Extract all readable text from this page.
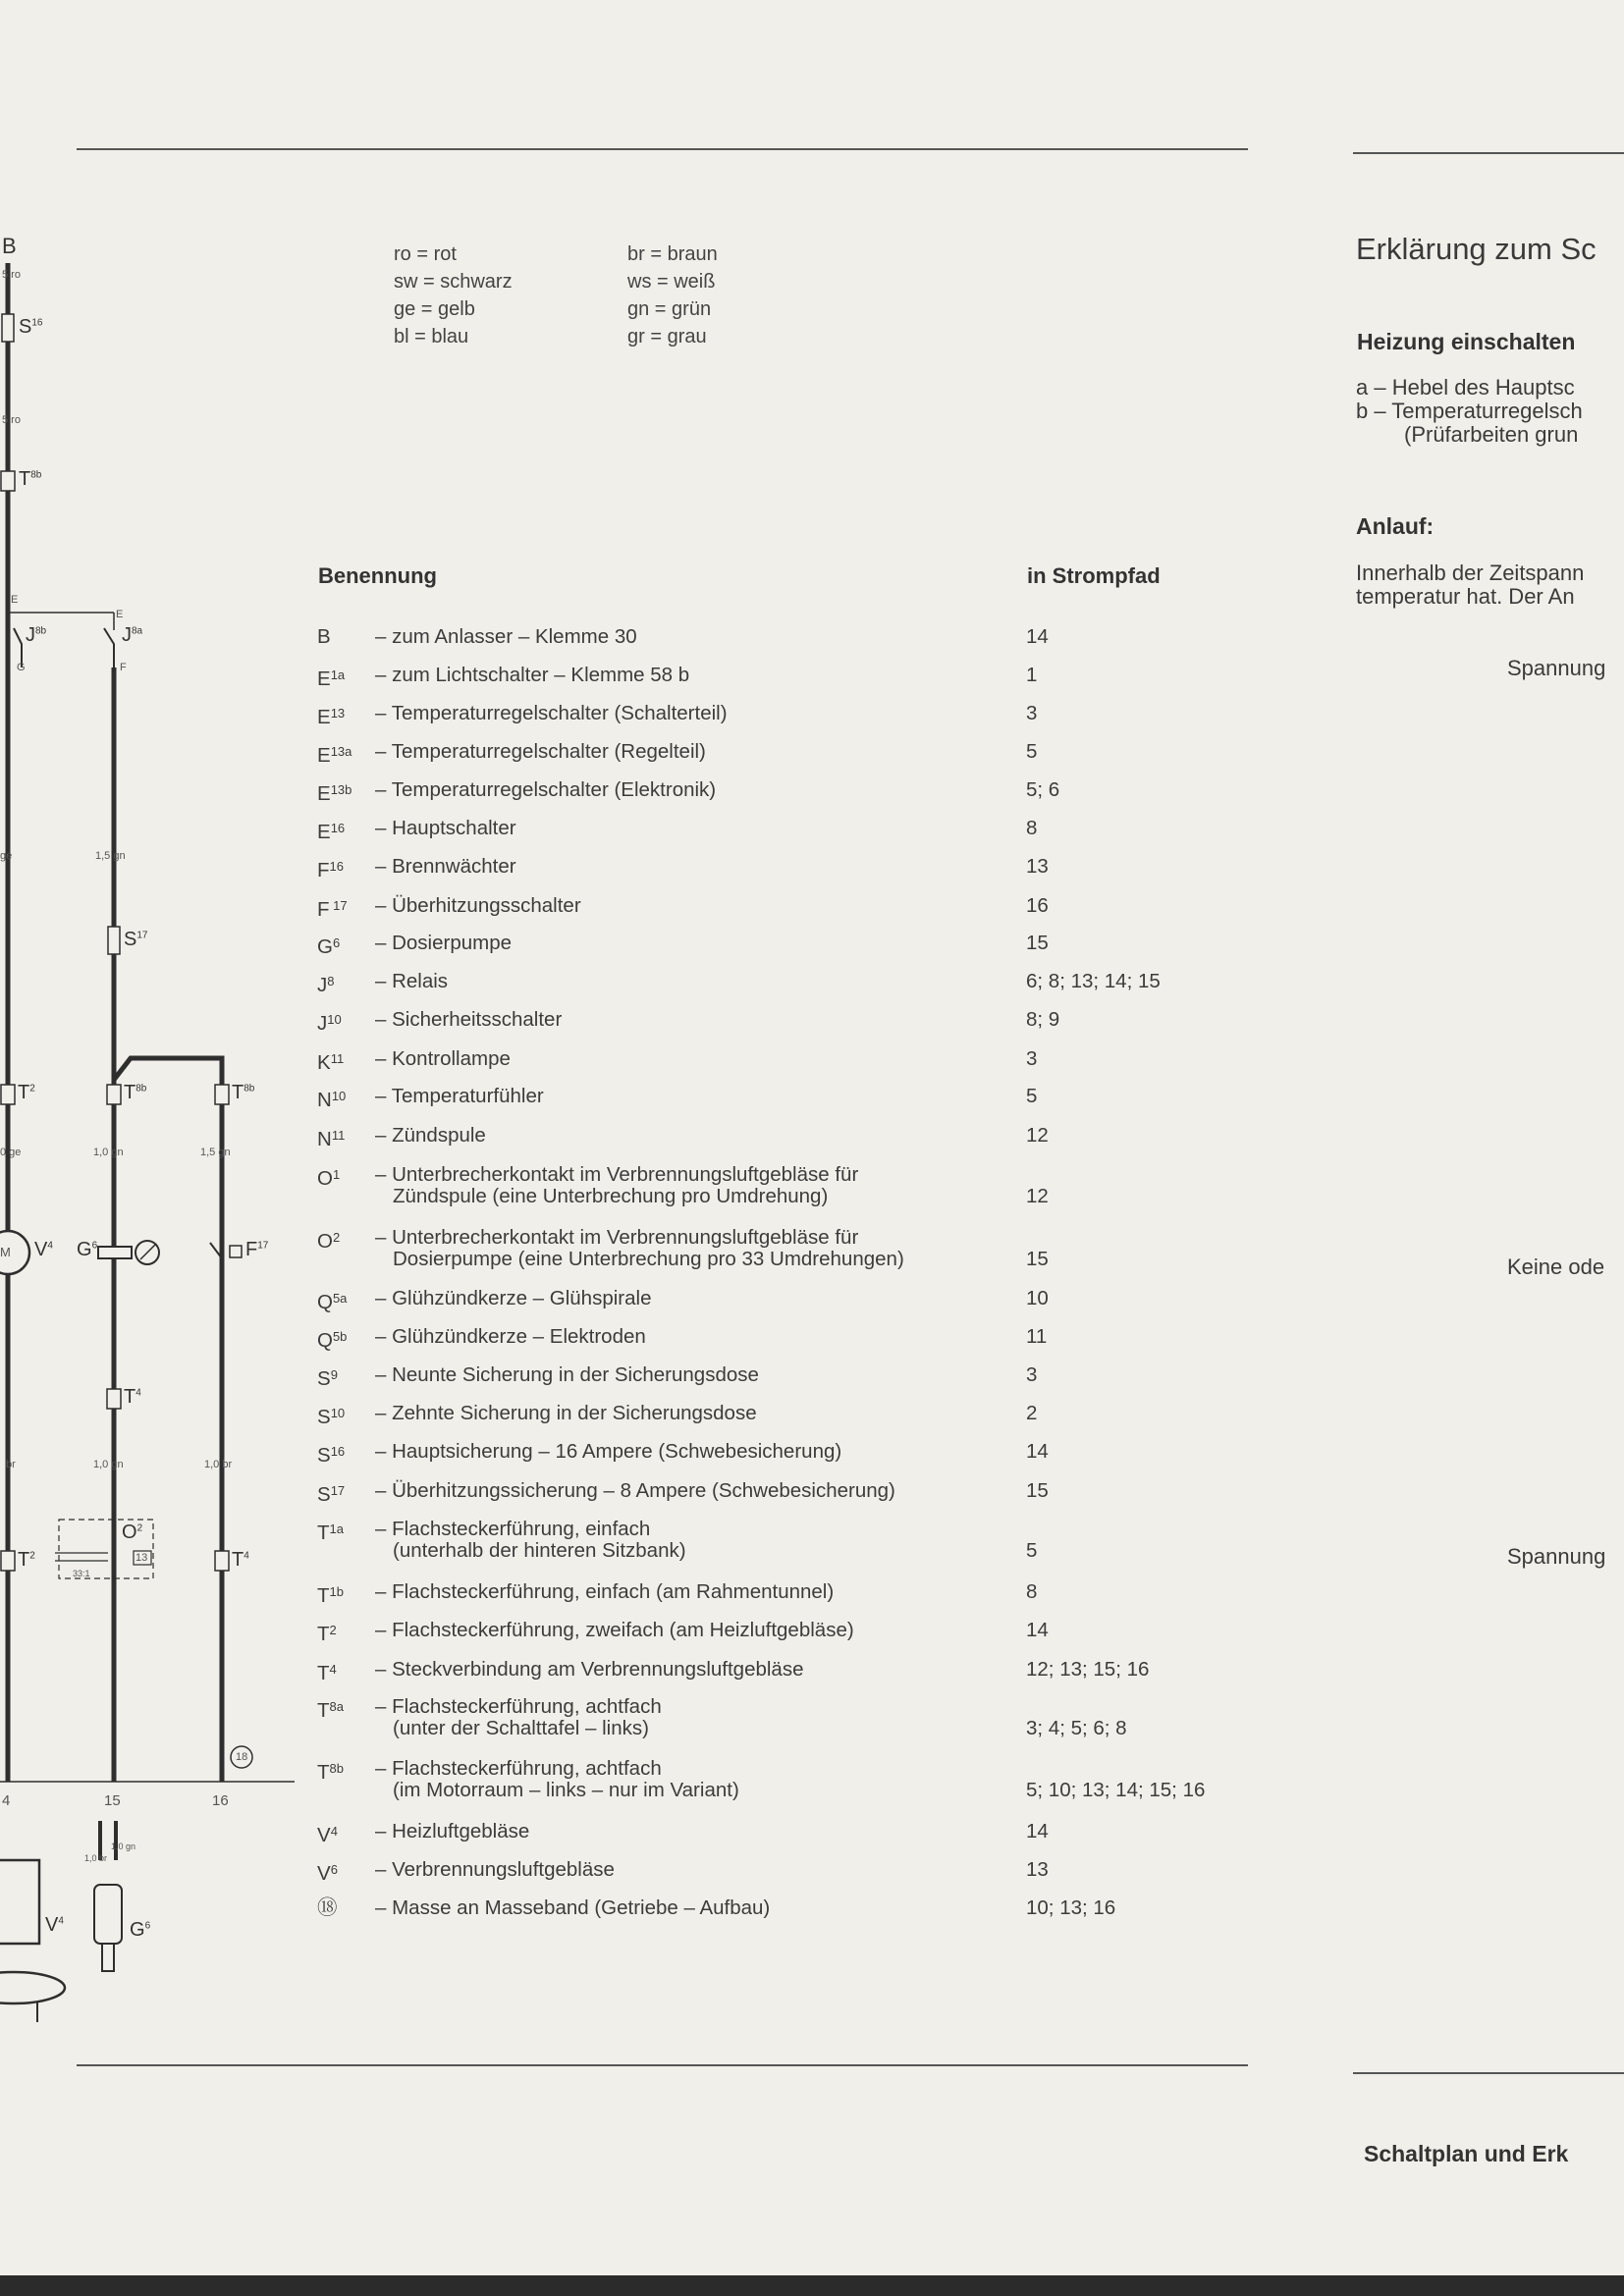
B
5 ro
$S^{16}$
5 ro
$T^{8b}$
E
E
$J^{8b}$	$J^{8a}$
G	F
ge	1,5 gn
$S^{17}$
$T^2$	$T^{8b}$	$T^{8b}$
0 ge	1,0 gn	1,5 gn
M $V^4$ $G^6$	$F^{17}$
$T^4$
br	1,0 gn	1,0 br
$O^2$
$T^2$	13
33:1
$T^4$
18
4	15	16
1,0 gn
1,0 br
$V^4$	$G^6$
ro = rot	br = braun
sw = schwarz	ws = weiß
ge = gelb	gn = grün
bl = blau	gr = grau
Benennung	in Strompfad
B	– zum Anlasser – Klemme 30	14
$E^{1a}$	– zum Lichtschalter – Klemme 58 b	1
$E^{13}$	– Temperaturregelschalter (Schalterteil)	3
$E^{13a}$	– Temperaturregelschalter (Regelteil)	5
$E^{13b}$	– Temperaturregelschalter (Elektronik)	5; 6
$E^{16}$	– Hauptschalter	8
$F^{16}$	– Brennwächter	13
F $^{17}$	– Überhitzungsschalter	16
$G^6$	– Dosierpumpe	15
$J^8$	– Relais	6; 8; 13; 14; 15
$J^{10}$	– Sicherheitsschalter	8; 9
$K^{11}$	– Kontrollampe	3
$N^{10}$	– Temperaturfühler	5
$N^{11}$	– Zündspule	12
$O^1$	– Unterbrecherkontakt im Verbrennungsluftgebläse für
Zündspule (eine Unterbrechung pro Umdrehung)	12
$O^2$	– Unterbrecherkontakt im Verbrennungsluftgebläse für
Dosierpumpe (eine Unterbrechung pro 33 Umdrehungen)	15
$Q^{5a}$	– Glühzündkerze – Glühspirale	10
$Q^{5b}$	– Glühzündkerze – Elektroden	11
$S^9$	– Neunte Sicherung in der Sicherungsdose	3
$S^{10}$	– Zehnte Sicherung in der Sicherungsdose	2
$S^{16}$	– Hauptsicherung – 16 Ampere (Schwebesicherung)	14
$S^{17}$	– Überhitzungssicherung – 8 Ampere (Schwebesicherung)	15
$T^{1a}$	– Flachsteckerführung, einfach
(unterhalb der hinteren Sitzbank)	5
$T^{1b}$	– Flachsteckerführung, einfach (am Rahmentunnel)	8
$T^2$	– Flachsteckerführung, zweifach (am Heizluftgebläse)	14
$T^4$	– Steckverbindung am Verbrennungsluftgebläse	12; 13; 15; 16
$T^{8a}$	– Flachsteckerführung, achtfach
(unter der Schalttafel – links)	3; 4; 5; 6; 8
$T^{8b}$	– Flachsteckerführung, achtfach
(im Motorraum – links – nur im Variant)	5; 10; 13; 14; 15; 16
$V^4$	– Heizluftgebläse	14
$V^6$	– Verbrennungsluftgebläse	13
⑱	– Masse an Masseband (Getriebe – Aufbau)	10; 13; 16
Erklärung zum Sc
Heizung einschalten
a – Hebel des Hauptsc
b – Temperaturregelsch
(Prüfarbeiten grun
Anlauf:
Innerhalb der Zeitspann
temperatur hat. Der An
Spannung
Keine ode
Spannung
Schaltplan und Erk
